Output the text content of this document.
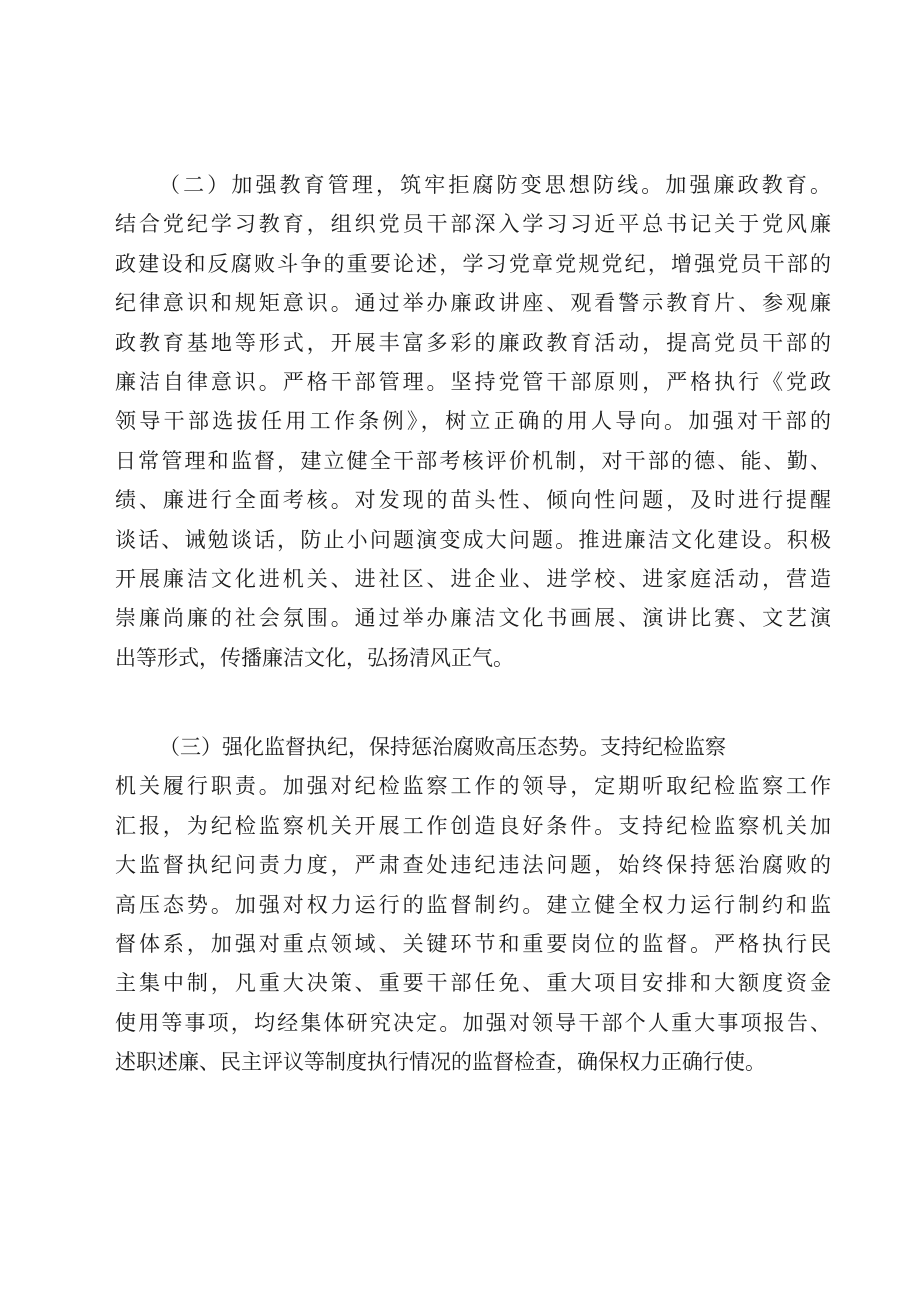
（二）加强教育管理，筑牢拒腐防变思想防线。加强廉政教育。
结合党纪学习教育，组织党员干部深入学习习近平总书记关于党风廉
政建设和反腐败斗争的重要论述，学习党章党规党纪，增强党员干部的
纪律意识和规矩意识。通过举办廉政讲座、观看警示教育片、参观廉
政教育基地等形式，开展丰富多彩的廉政教育活动，提高党员干部的
廉洁自律意识。严格干部管理。坚持党管干部原则，严格执行《党政
领导干部选拔任用工作条例》，树立正确的用人导向。加强对干部的
日常管理和监督，建立健全干部考核评价机制，对干部的德、能、勤、
绩、廉进行全面考核。对发现的苗头性、倾向性问题，及时进行提醒
谈话、诫勉谈话，防止小问题演变成大问题。推进廉洁文化建设。积极
开展廉洁文化进机关、进社区、进企业、进学校、进家庭活动，营造
崇廉尚廉的社会氛围。通过举办廉洁文化书画展、演讲比赛、文艺演
出等形式，传播廉洁文化，弘扬清风正气。
（三）强化监督执纪，保持惩治腐败高压态势。支持纪检监察
机关履行职责。加强对纪检监察工作的领导，定期听取纪检监察工作
汇报，为纪检监察机关开展工作创造良好条件。支持纪检监察机关加
大监督执纪问责力度，严肃查处违纪违法问题，始终保持惩治腐败的
高压态势。加强对权力运行的监督制约。建立健全权力运行制约和监
督体系，加强对重点领域、关键环节和重要岗位的监督。严格执行民
主集中制，凡重大决策、重要干部任免、重大项目安排和大额度资金
使用等事项，均经集体研究决定。加强对领导干部个人重大事项报告、
述职述廉、民主评议等制度执行情况的监督检查，确保权力正确行使。
